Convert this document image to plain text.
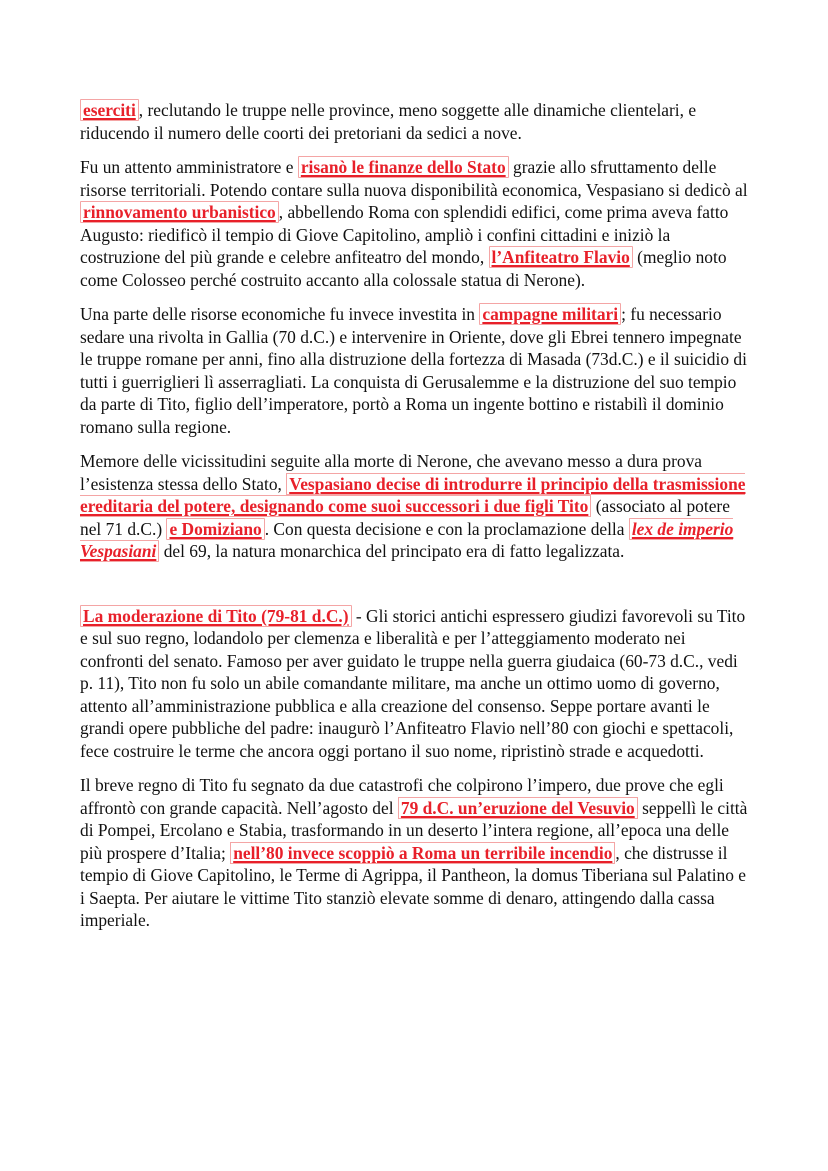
eserciti , reclutando le truppe nelle province, meno soggette alle dinamiche clientelari, e riducendo il numero delle coorti dei pretoriani da sedici a nove.

Fu un attento amministratore e risanò le finanze dello Stato grazie allo sfruttamento delle risorse territoriali. Potendo contare sulla nuova disponibilità economica, Vespasiano si dedicò al rinnovamento urbanistico , abbellendo Roma con splendidi edifici, come prima aveva fatto Augusto: riedificò il tempio di Giove Capitolino, ampliò i confini cittadini e iniziò la costruzione del più grande e celebre anfiteatro del mondo, l’Anfiteatro Flavio (meglio noto come Colosseo perché costruito accanto alla colossale statua di Nerone).

Una parte delle risorse economiche fu invece investita in campagne militari ; fu necessario sedare una rivolta in Gallia (70 d.C.) e intervenire in Oriente, dove gli Ebrei tennero impegnate le truppe romane per anni, fino alla distruzione della fortezza di Masada (73d.C.) e il suicidio di tutti i guerriglieri lì asserragliati. La conquista di Gerusalemme e la distruzione del suo tempio da parte di Tito, figlio dell’imperatore, portò a Roma un ingente bottino e ristabilì il dominio romano sulla regione.

Memore delle vicissitudini seguite alla morte di Nerone, che avevano messo a dura prova l’esistenza stessa dello Stato, Vespasiano decise di introdurre il principio della trasmissione ereditaria del potere, designando come suoi successori i due figli Tito (associato al potere nel 71 d.C.) e Domiziano . Con questa decisione e con la proclamazione della lex de imperio Vespasiani del 69, la natura monarchica del principato era di fatto legalizzata.

La moderazione di Tito (79-81 d.C.) - Gli storici antichi espressero giudizi favorevoli su Tito e sul suo regno, lodandolo per clemenza e liberalità e per l’atteggiamento moderato nei confronti del senato. Famoso per aver guidato le truppe nella guerra giudaica (60-73 d.C., vedi p. 11), Tito non fu solo un abile comandante militare, ma anche un ottimo uomo di governo, attento all’amministrazione pubblica e alla creazione del consenso. Seppe portare avanti le grandi opere pubbliche del padre: inaugurò l’Anfiteatro Flavio nell’80 con giochi e spettacoli, fece costruire le terme che ancora oggi portano il suo nome, ripristinò strade e acquedotti.

Il breve regno di Tito fu segnato da due catastrofi che colpirono l’impero, due prove che egli affrontò con grande capacità. Nell’agosto del 79 d.C. un’eruzione del Vesuvio seppellì le città di Pompei, Ercolano e Stabia, trasformando in un deserto l’intera regione, all’epoca una delle più prospere d’Italia; nell’80 invece scoppiò a Roma un terribile incendio , che distrusse il tempio di Giove Capitolino, le Terme di Agrippa, il Pantheon, la domus Tiberiana sul Palatino e i Saepta. Per aiutare le vittime Tito stanziò elevate somme di denaro, attingendo dalla cassa imperiale.
